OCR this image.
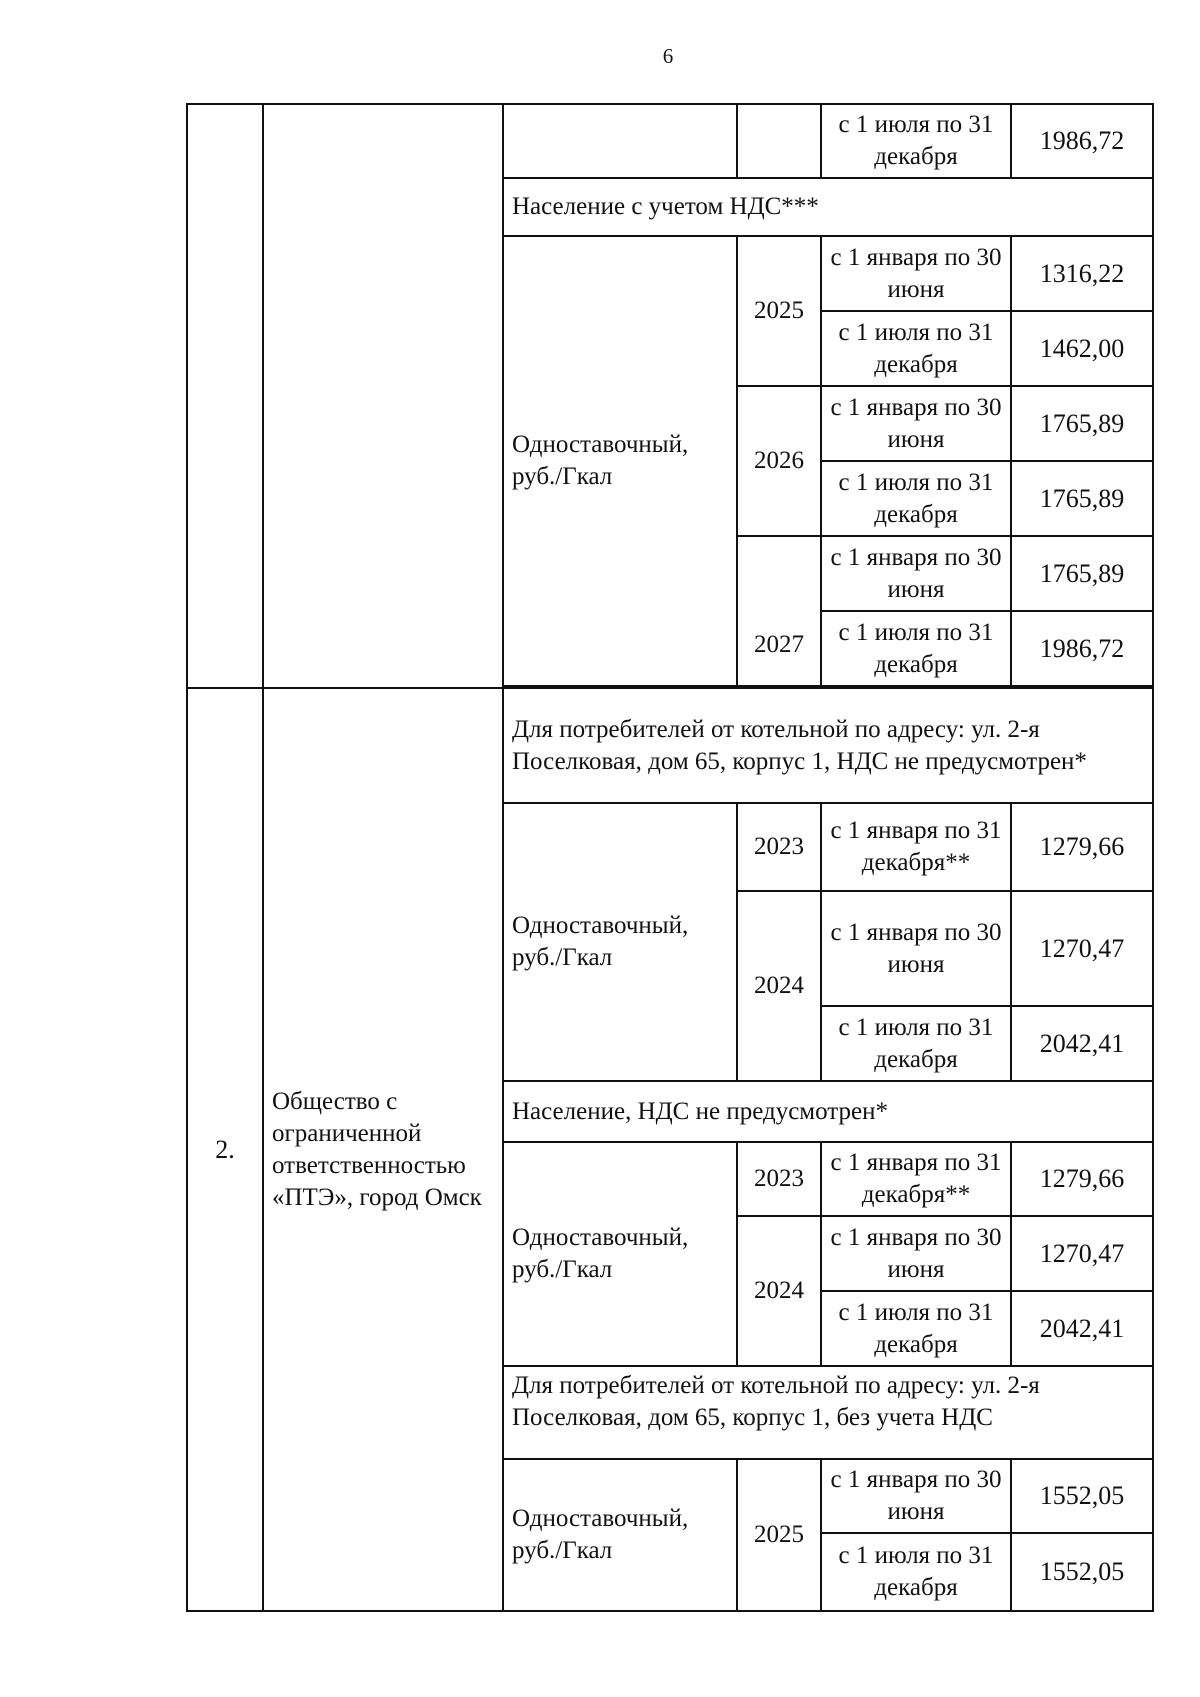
6
				с 1 июля по 31 декабря	1986,72
		Население с учетом НДС***			
		Одноставочный, руб./Гкал	2025	с 1 января по 30 июня	1316,22
				с 1 июля по 31 декабря	1462,00
			2026	с 1 января по 30 июня	1765,89
				с 1 июля по 31 декабря	1765,89
			2027	с 1 января по 30 июня	1765,89
				с 1 июля по 31 декабря	1986,72

2.	Общество с ограниченной ответственностью «ПТЭ», город Омск	Для потребителей от котельной по адресу: ул. 2-я Поселковая, дом 65, корпус 1, НДС не предусмотрен*			
		Одноставочный, руб./Гкал	2023	с 1 января по 31 декабря**	1279,66
			2024	с 1 января по 30 июня	1270,47
				с 1 июля по 31 декабря	2042,41
		Население, НДС не предусмотрен*			
		Одноставочный, руб./Гкал	2023	с 1 января по 31 декабря**	1279,66
			2024	с 1 января по 30 июня	1270,47
				с 1 июля по 31 декабря	2042,41

		Для потребителей от котельной по адресу: ул. 2-я Поселковая, дом 65, корпус 1, без учета НДС			

		Одноставочный, руб./Гкал	2025	с 1 января по 30 июня	1552,05
				с 1 июля по 31 декабря	1552,05
